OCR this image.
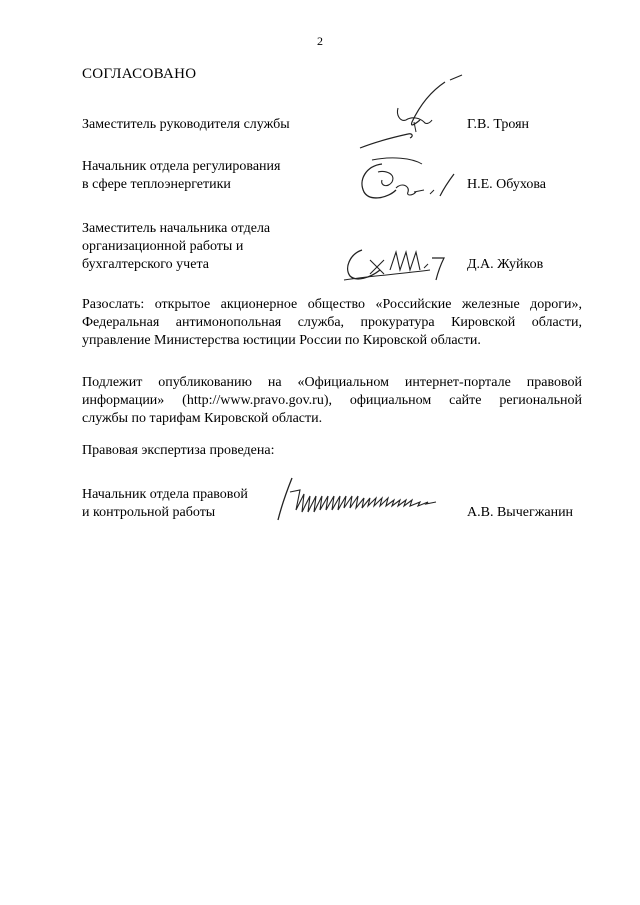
2
СОГЛАСОВАНО
Заместитель руководителя службы	Г.В. Троян
Начальник отдела регулирования
в сфере теплоэнергетики	Н.Е. Обухова
Заместитель начальника отдела
организационной работы и
бухгалтерского учета	Д.А. Жуйков
Разослать: открытое акционерное общество «Российские железные дороги»,
Федеральная антимонопольная служба, прокуратура Кировской области,
управление Министерства юстиции России по Кировской области.
Подлежит опубликованию на «Официальном интернет-портале правовой
информации» (http://www.pravo.gov.ru), официальном сайте региональной
службы по тарифам Кировской области.
Правовая экспертиза проведена:
Начальник отдела правовой
и контрольной работы	А.В. Вычегжанин
